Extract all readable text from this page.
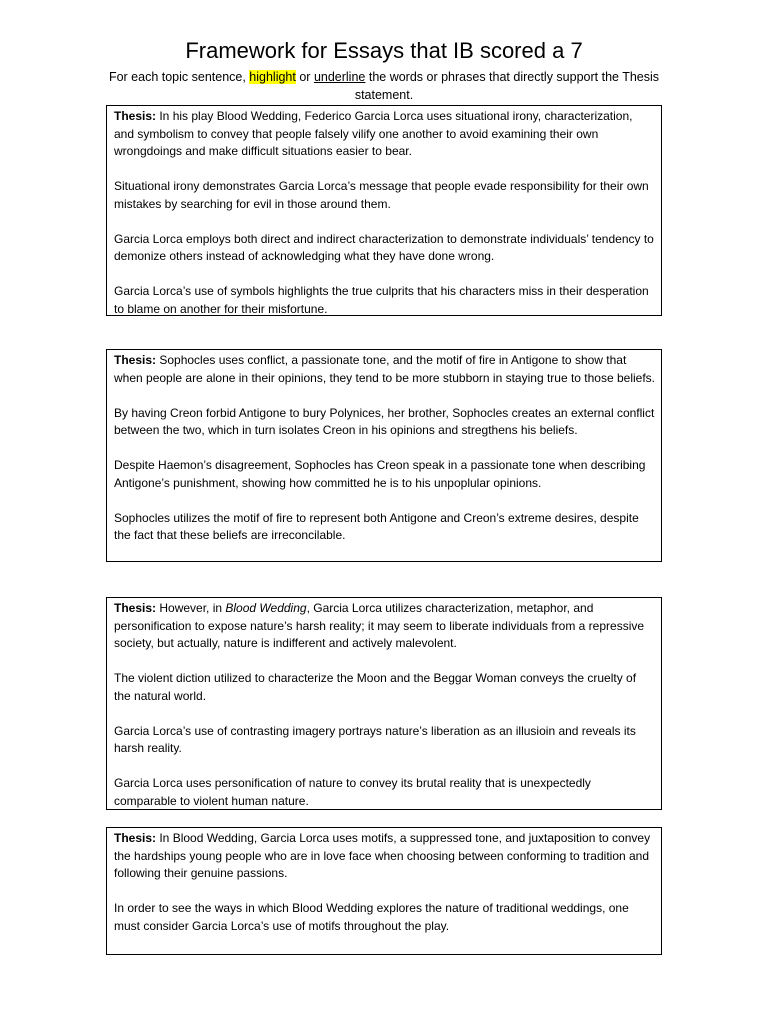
Framework for Essays that IB scored a 7
For each topic sentence, highlight or underline the words or phrases that directly support the Thesis statement.

Thesis: In his play Blood Wedding, Federico Garcia Lorca uses situational irony, characterization, and symbolism to convey that people falsely vilify one another to avoid examining their own wrongdoings and make difficult situations easier to bear.

Situational irony demonstrates Garcia Lorca’s message that people evade responsibility for their own mistakes by searching for evil in those around them.

Garcia Lorca employs both direct and indirect characterization to demonstrate individuals’ tendency to demonize others instead of acknowledging what they have done wrong.

Garcia Lorca’s use of symbols highlights the true culprits that his characters miss in their desperation to blame on another for their misfortune.

Thesis: Sophocles uses conflict, a passionate tone, and the motif of fire in Antigone to show that when people are alone in their opinions, they tend to be more stubborn in staying true to those beliefs.

By having Creon forbid Antigone to bury Polynices, her brother, Sophocles creates an external conflict between the two, which in turn isolates Creon in his opinions and stregthens his beliefs.

Despite Haemon’s disagreement, Sophocles has Creon speak in a passionate tone when describing Antigone’s punishment, showing how committed he is to his unpoplular opinions.

Sophocles utilizes the motif of fire to represent both Antigone and Creon’s extreme desires, despite the fact that these beliefs are irreconcilable.

Thesis: However, in Blood Wedding, Garcia Lorca utilizes characterization, metaphor, and personification to expose nature’s harsh reality; it may seem to liberate individuals from a repressive society, but actually, nature is indifferent and actively malevolent.

The violent diction utilized to characterize the Moon and the Beggar Woman conveys the cruelty of the natural world.

Garcia Lorca’s use of contrasting imagery portrays nature’s liberation as an illusioin and reveals its harsh reality.

Garcia Lorca uses personification of nature to convey its brutal reality that is unexpectedly comparable to violent human nature.

Thesis: In Blood Wedding, Garcia Lorca uses motifs, a suppressed tone, and juxtaposition to convey the hardships young people who are in love face when choosing between conforming to tradition and following their genuine passions.

In order to see the ways in which Blood Wedding explores the nature of traditional weddings, one must consider Garcia Lorca’s use of motifs throughout the play.
